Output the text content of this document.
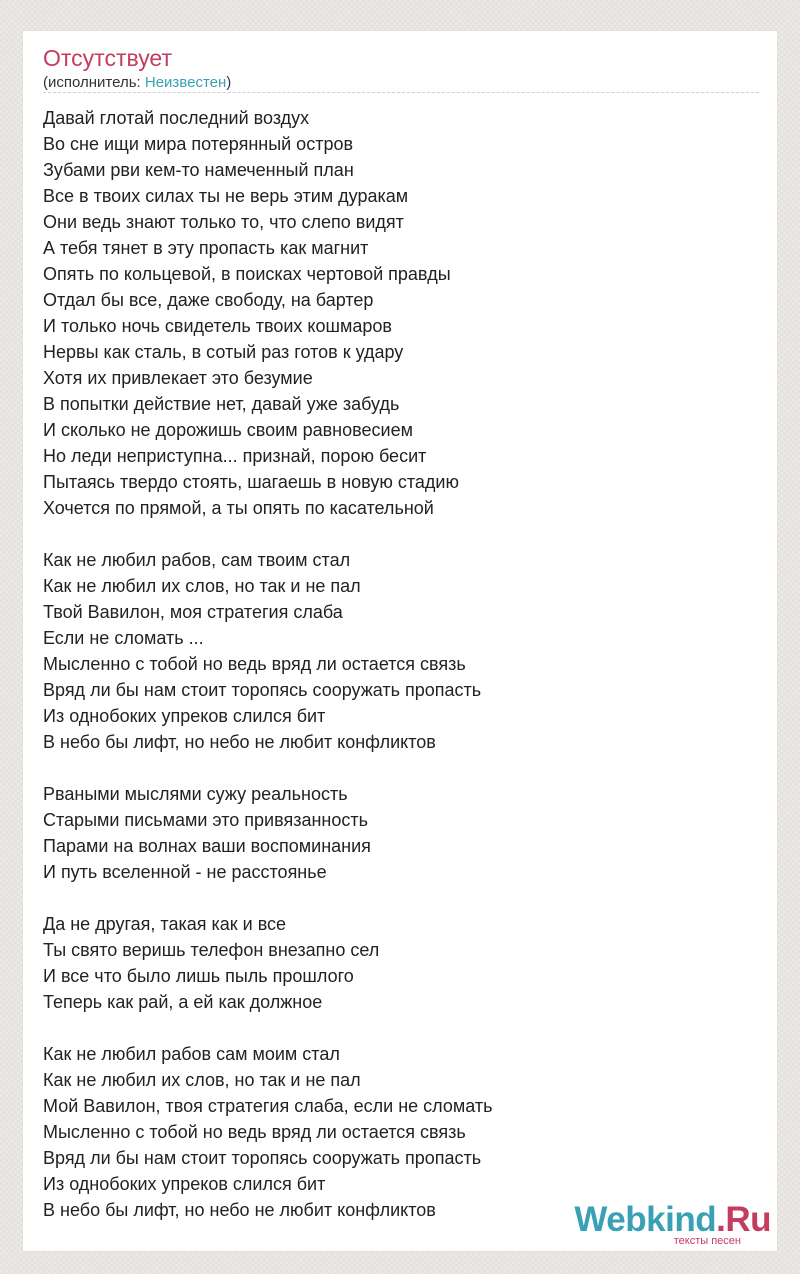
Отсутствует
(исполнитель: Неизвестен)
Давай глотай последний воздух
Во сне ищи мира потерянный остров
Зубами рви кем-то намеченный план
Все в твоих силах ты не верь этим дуракам
Они ведь знают только то, что слепо видят
А тебя тянет в эту пропасть как магнит
Опять по кольцевой, в поисках чертовой правды
Отдал бы все, даже свободу, на бартер
И только ночь свидетель твоих кошмаров
Нервы как сталь, в сотый раз готов к удару
Хотя их привлекает это безумие
В попытки действие нет, давай уже забудь
И сколько не дорожишь своим равновесием
Но леди неприступна... признай, порою бесит
Пытаясь твердо стоять, шагаешь в новую стадию
Хочется по прямой, а ты опять по касательной
Как не любил рабов, сам твоим стал
Как не любил их слов, но так и не пал
Твой Вавилон, моя стратегия слаба
Если не сломать ...
Мысленно с тобой но ведь вряд ли остается связь
Вряд ли бы нам стоит торопясь сооружать пропасть
Из однобоких упреков слился бит
В небо бы лифт, но небо не любит конфликтов
Рваными мыслями сужу реальность
Старыми письмами это привязанность
Парами на волнах ваши воспоминания
И путь вселенной - не расстоянье
Да не другая, такая как и все
Ты свято веришь телефон внезапно сел
И все что было лишь пыль прошлого
Теперь как рай, а ей как должное
Как не любил рабов сам моим стал
Как не любил их слов, но так и не пал
Мой Вавилон, твоя стратегия слаба, если не сломать
Мысленно с тобой но ведь вряд ли остается связь
Вряд ли бы нам стоит торопясь сооружать пропасть
Из однобоких упреков слился бит
В небо бы лифт, но небо не любит конфликтов	Webkind.Ru
тексты песен
